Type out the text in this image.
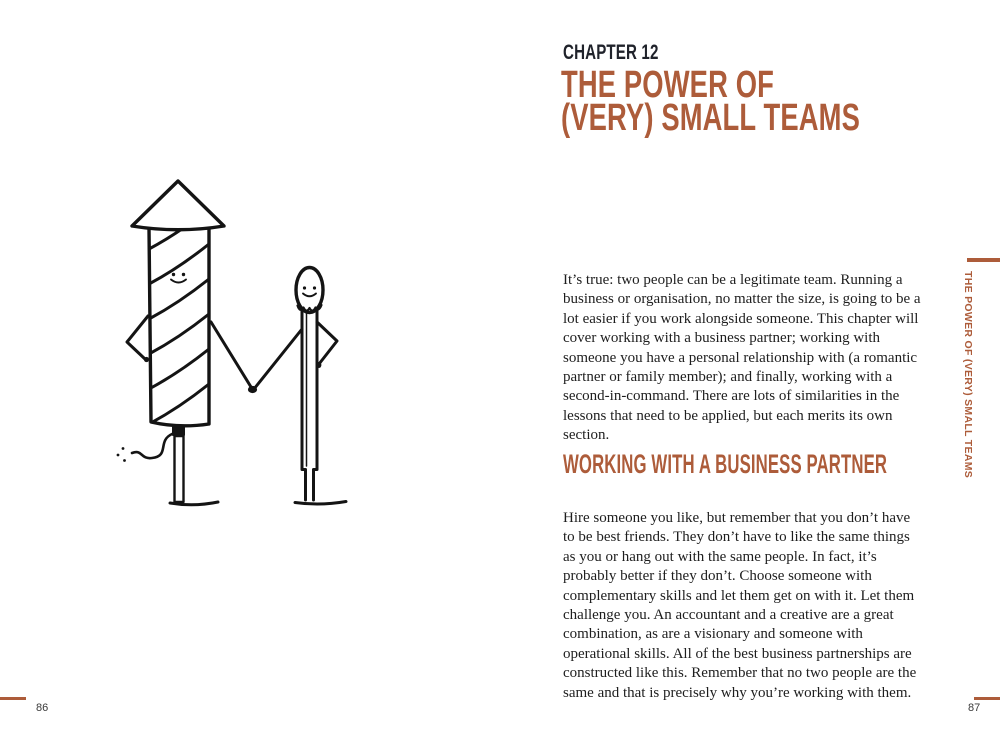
86
CHAPTER 12
THE POWER OF
(VERY) SMALL TEAMS

It’s true: two people can be a legitimate team. Running a business or organisation, no matter the size, is going to be a lot easier if you work alongside someone. This chapter will cover working with a business partner; working with someone you have a personal relationship with (a romantic partner or family member); and finally, working with a second-in-command. There are lots of similarities in the lessons that need to be applied, but each merits its own section.

WORKING WITH A BUSINESS PARTNER

Hire someone you like, but remember that you don’t have to be best friends. They don’t have to like the same things as you or hang out with the same people. In fact, it’s probably better if they don’t. Choose someone with complementary skills and let them get on with it. Let them challenge you. An accountant and a creative are a great combination, as are a visionary and someone with operational skills. All of the best business partnerships are constructed like this. Remember that no two people are the same and that is precisely why you’re working with them.

THE POWER OF (VERY) SMALL TEAMS
87
